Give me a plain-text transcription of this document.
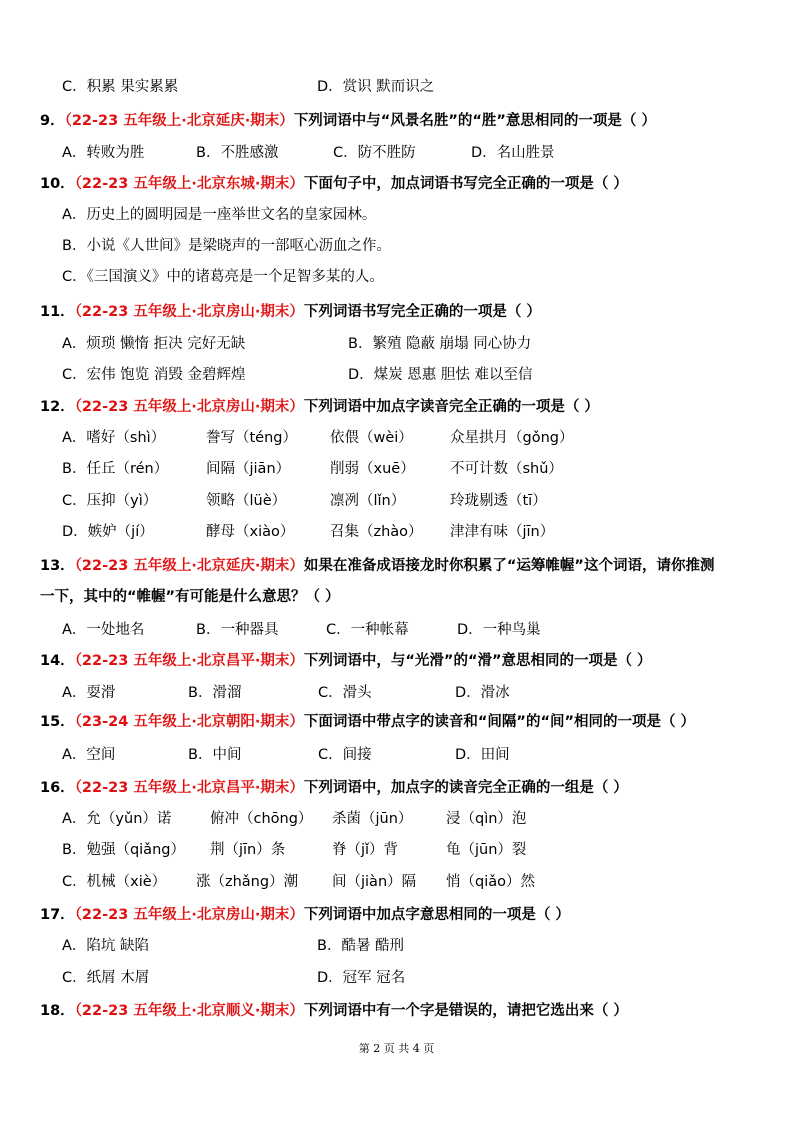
C．积累 果实累累	D．赏识 默而识之
9．（22-23 五年级上·北京延庆·期末）下列词语中与“风景名胜”的“胜”意思相同的一项是（ ）
A．转败为胜	B．不胜感激	C．防不胜防	D．名山胜景
10．（22-23 五年级上·北京东城·期末）下面句子中，加点词语书写完全正确的一项是（ ）
A．历史上的圆明园是一座举世文名的皇家园林。
B．小说《人世间》是梁晓声的一部呕心沥血之作。
C．《三国演义》中的诸葛亮是一个足智多某的人。
11．（22-23 五年级上·北京房山·期末）下列词语书写完全正确的一项是（ ）
A．烦琐 懒惰 拒决 完好无缺	B．繁殖 隐蔽 崩塌 同心协力
C．宏伟 饱览 消毁 金碧辉煌	D．煤炭 恩惠 胆怯 难以至信
12．（22-23 五年级上·北京房山·期末）下列词语中加点字读音完全正确的一项是（ ）
A．嗜好（shì）	誊写（téng） 依偎（wèi）	众星拱月（gǒng）
B．任丘（rén）	间隔（jiān）	削弱（xuē） 不可计数（shǔ）
C．压抑（yì）	领略（lüè）	凛冽（lǐn）	玲珑剔透（tī）
D．嫉妒（jí）	酵母（xiào） 召集（zhào） 津津有味（jīn）
13．（22-23 五年级上·北京延庆·期末）如果在准备成语接龙时你积累了“运筹帷幄”这个词语，请你推测
一下，其中的“帷幄”有可能是什么意思？（ ）
A．一处地名	B．一种器具	C．一种帐幕	D．一种鸟巢
14．（22-23 五年级上·北京昌平·期末）下列词语中，与“光滑”的“滑”意思相同的一项是（ ）
A．耍滑	B．滑溜	C．滑头	D．滑冰
15．（23-24 五年级上·北京朝阳·期末）下面词语中带点字的读音和“间隔”的“间”相同的一项是（ ）
A．空间	B．中间	C．间接	D．田间
16．（22-23 五年级上·北京昌平·期末）下列词语中，加点字的读音完全正确的一组是（ ）
A．允（yǔn）诺	俯冲（chōng） 杀菌（jūn） 浸（qìn）泡
B．勉强（qiǎng） 荆（jīn）条	脊（jǐ）背	龟（jūn）裂
C．机械（xiè） 涨（zhǎng）潮 间（jiàn）隔 悄（qiǎo）然
17．（22-23 五年级上·北京房山·期末）下列词语中加点字意思相同的一项是（ ）
A．陷坑 缺陷	B．酷暑 酷刑
C．纸屑 木屑	D．冠军 冠名
18．（22-23 五年级上·北京顺义·期末）下列词语中有一个字是错误的，请把它选出来（ ）
第 2 页 共 4 页
